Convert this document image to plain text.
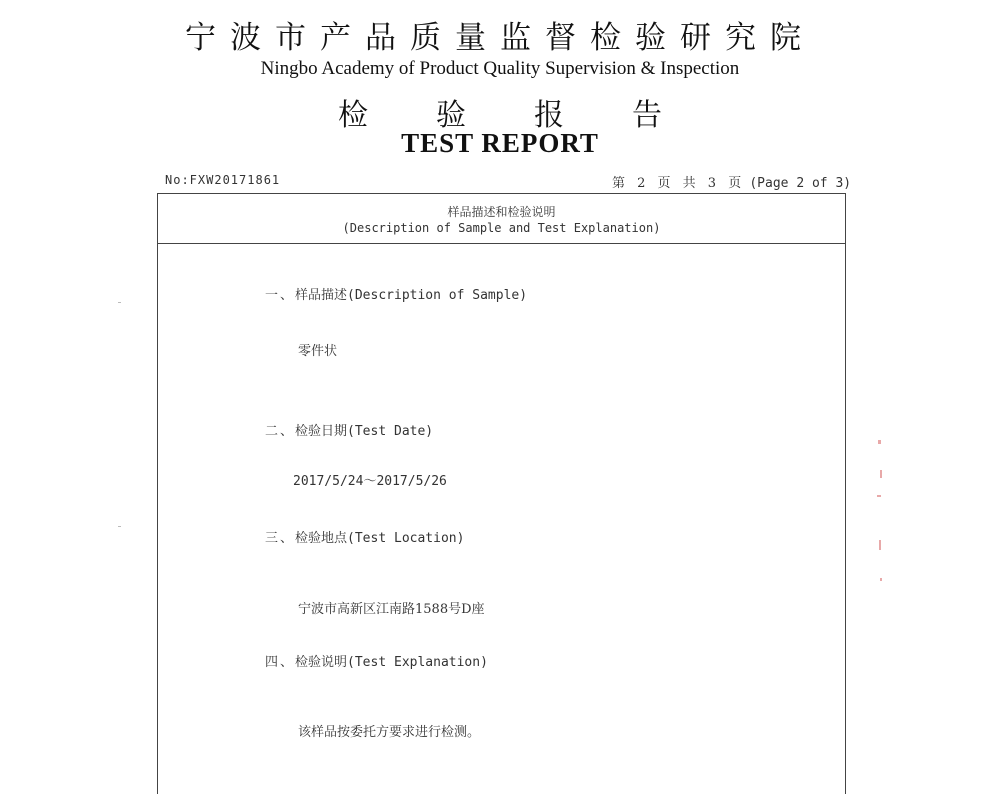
宁波市产品质量监督检验研究院
Ningbo Academy of Product Quality Supervision & Inspection
检 验 报 告
TEST REPORT
No:FXW20171861	第 2 页 共 3 页 (Page 2 of 3)
样品描述和检验说明
(Description of Sample and Test Explanation)
一、样品描述(Description of Sample)
零件状
二、检验日期(Test Date)
2017/5/24～2017/5/26
三、检验地点(Test Location)
宁波市高新区江南路1588号D座
四、检验说明(Test Explanation)
该样品按委托方要求进行检测。
